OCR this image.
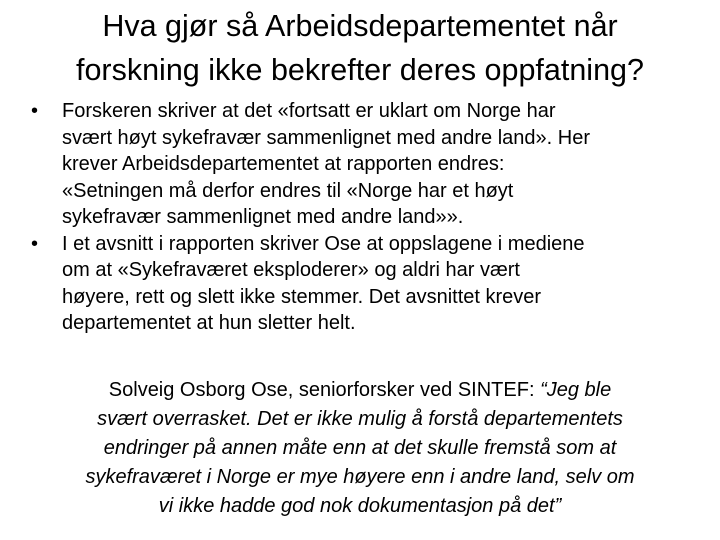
Hva gjør så Arbeidsdepartementet når
forskning ikke bekrefter deres oppfatning?
• Forskeren skriver at det «fortsatt er uklart om Norge har
svært høyt sykefravær sammenlignet med andre land». Her
krever Arbeidsdepartementet at rapporten endres:
«Setningen må derfor endres til «Norge har et høyt
sykefravær sammenlignet med andre land»».
• I et avsnitt i rapporten skriver Ose at oppslagene i mediene
om at «Sykefraværet eksploderer» og aldri har vært
høyere, rett og slett ikke stemmer. Det avsnittet krever
departementet at hun sletter helt.
Solveig Osborg Ose, seniorforsker ved SINTEF: “Jeg ble
svært overrasket. Det er ikke mulig å forstå departementets
endringer på annen måte enn at det skulle fremstå som at
sykefraværet i Norge er mye høyere enn i andre land, selv om
vi ikke hadde god nok dokumentasjon på det”
